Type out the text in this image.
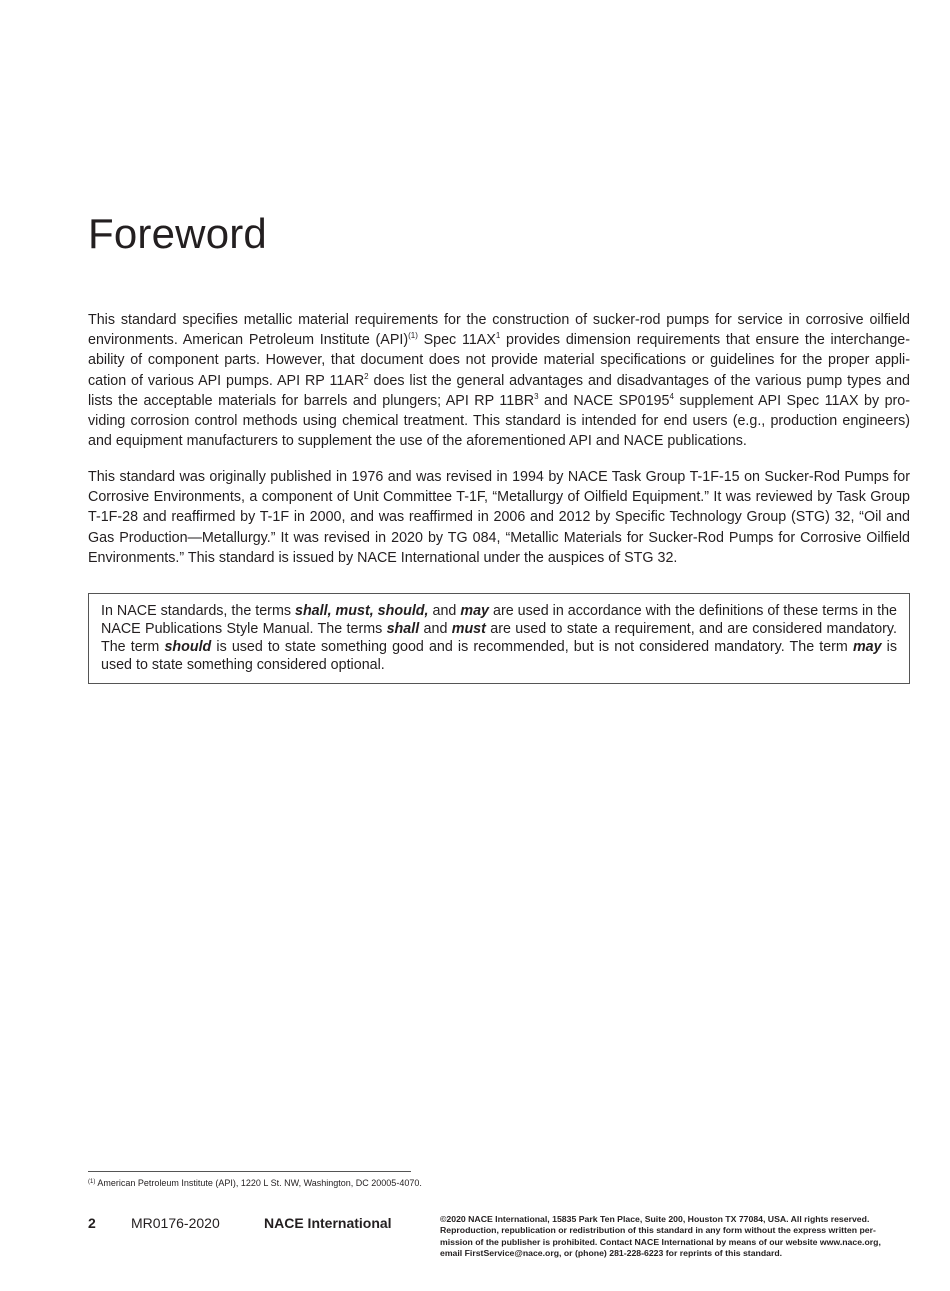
Foreword

This standard specifies metallic material requirements for the construction of sucker-rod pumps for service in corrosive oilfield environments. American Petroleum Institute (API)$^{(1)}$ Spec $11AX^1$ provides dimension requirements that ensure the interchange-ability of component parts. However, that document does not provide material specifications or guidelines for the proper appli-cation of various API pumps. API RP $11AR^2$ does list the general advantages and disadvantages of the various pump types and lists the acceptable materials for barrels and plungers; API RP $11BR^3$ and NACE SP0195$^4$ supplement API Spec 11AX by pro-viding corrosion control methods using chemical treatment. This standard is intended for end users (e.g., production engineers) and equipment manufacturers to supplement the use of the aforementioned API and NACE publications.

This standard was originally published in 1976 and was revised in 1994 by NACE Task Group T-1F-15 on Sucker-Rod Pumps for Corrosive Environments, a component of Unit Committee T-1F, “Metallurgy of Oilfield Equipment.” It was reviewed by Task Group T-1F-28 and reaffirmed by T-1F in 2000, and was reaffirmed in 2006 and 2012 by Specific Technology Group (STG) 32, “Oil and Gas Production—Metallurgy.” It was revised in 2020 by TG 084, “Metallic Materials for Sucker-Rod Pumps for Corrosive Oilfield Environments.” This standard is issued by NACE International under the auspices of STG 32.

In NACE standards, the terms shall, must, should, and may are used in accordance with the definitions of these terms in the NACE Publications Style Manual. The terms shall and must are used to state a requirement, and are considered mandatory. The term should is used to state something good and is recommended, but is not considered mandatory. The term may is used to state something considered optional.

$^{(1)}$ American Petroleum Institute (API), 1220 L St. NW, Washington, DC 20005-4070.

2	MR0176-2020	NACE International	©2020 NACE International, 15835 Park Ten Place, Suite 200, Houston TX 77084, USA. All rights reserved.
Reproduction, republication or redistribution of this standard in any form without the express written per-
mission of the publisher is prohibited. Contact NACE International by means of our website www.nace.org,
email FirstService@nace.org, or (phone) 281-228-6223 for reprints of this standard.
